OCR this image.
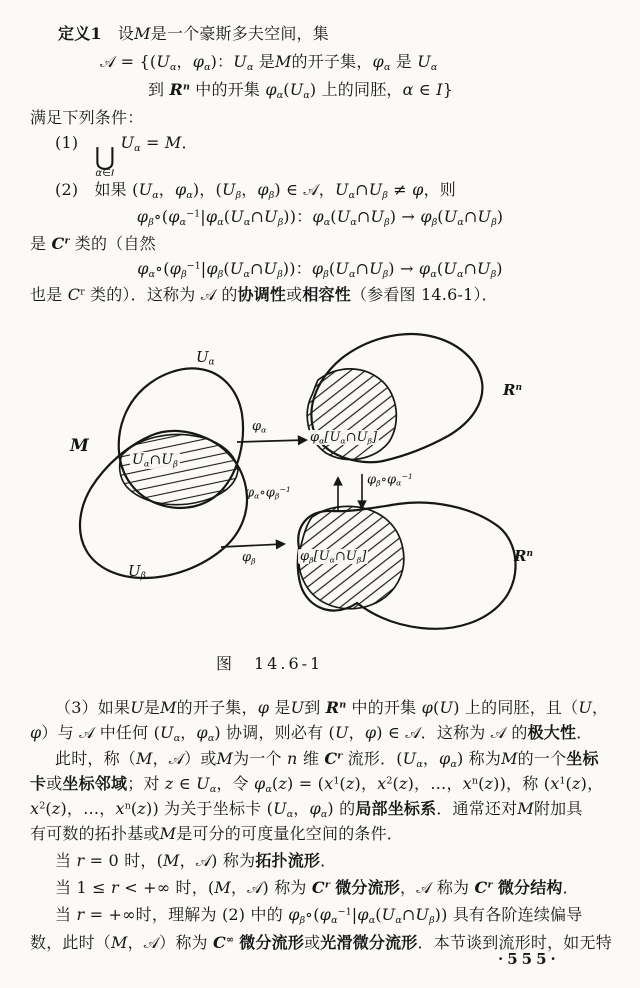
定义1　设M是一个豪斯多夫空间，集
𝒜 = {($U_\alpha$，$\varphi_\alpha$)：$U_\alpha$ 是M的开子集，$\varphi_\alpha$ 是 $U_\alpha$
到 $R^n$ 中的开集 $\varphi_\alpha(U_\alpha)$ 上的同胚，α ∈ I}
满足下列条件：
(1)　 ⋃
α∈I
$U_\alpha = M$．
(2)　如果 ($U_\alpha$，$\varphi_\alpha$)，($U_\beta$，$\varphi_\beta$) ∈ 𝒜，$U_\alpha\cap U_\beta \ne \varphi$，则
$\varphi_\beta\circ(\varphi_\alpha^{-1}|\varphi_\alpha(U_\alpha\cap U_\beta))$：$\varphi_\alpha(U_\alpha\cap U_\beta)$ → $\varphi_\beta(U_\alpha\cap U_\beta)$
是 $C^r$ 类的（自然
$\varphi_\alpha\circ(\varphi_\beta^{-1}|\varphi_\beta(U_\alpha\cap U_\beta))$：$\varphi_\beta(U_\alpha\cap U_\beta)$ → $\varphi_\alpha(U_\alpha\cap U_\beta)$
也是 $C^r$ 类的）．这称为 𝒜 的协调性或相容性（参看图 14.6-1）．
M
$U_\alpha$
$U_\beta$
$U_\alpha\cap U_\beta$
$\varphi_\alpha$
$\varphi_\beta$
$\varphi_\alpha[U_\alpha\cap U_\beta]$
$\varphi_\beta[U_\alpha\cap U_\beta]$
$\varphi_\alpha\circ\varphi_\beta^{-1}$
$\varphi_\beta\circ\varphi_\alpha^{-1}$
$R^n$
$R^n$
图　14.6-1
（3）如果U是M的开子集，φ 是U到 $R^n$ 中的开集 φ(U) 上的同胚，且（U，
φ）与 𝒜 中任何 ($U_\alpha$，$\varphi_\alpha$) 协调，则必有 (U，φ) ∈ 𝒜．这称为 𝒜 的极大性．
此时，称（M，𝒜）或M为一个 n 维 $C^r$ 流形．($U_\alpha$，$\varphi_\alpha$) 称为M的一个坐标
卡或坐标邻域；对 z ∈ $U_\alpha$，令 $\varphi_\alpha(z) = (x^1(z)$，$x^2(z)$，…，$x^n(z)$)，称 ($x^1(z)$，
$x^2(z)$，…，$x^n(z)$) 为关于坐标卡 ($U_\alpha$，$\varphi_\alpha$) 的局部坐标系．通常还对M附加具
有可数的拓扑基或M是可分的可度量化空间的条件．
当 r = 0 时，(M，𝒜) 称为拓扑流形．
当 1 ≤ r < +∞ 时，(M，𝒜) 称为 $C^r$ 微分流形，𝒜 称为 $C^r$ 微分结构．
当 r = +∞时，理解为 (2) 中的 $\varphi_\beta\circ(\varphi_\alpha^{-1}|\varphi_\alpha(U_\alpha\cap U_\beta))$ 具有各阶连续偏导
数，此时（M，𝒜）称为 C∞ 微分流形或光滑微分流形．本节谈到流形时，如无特
·555·
